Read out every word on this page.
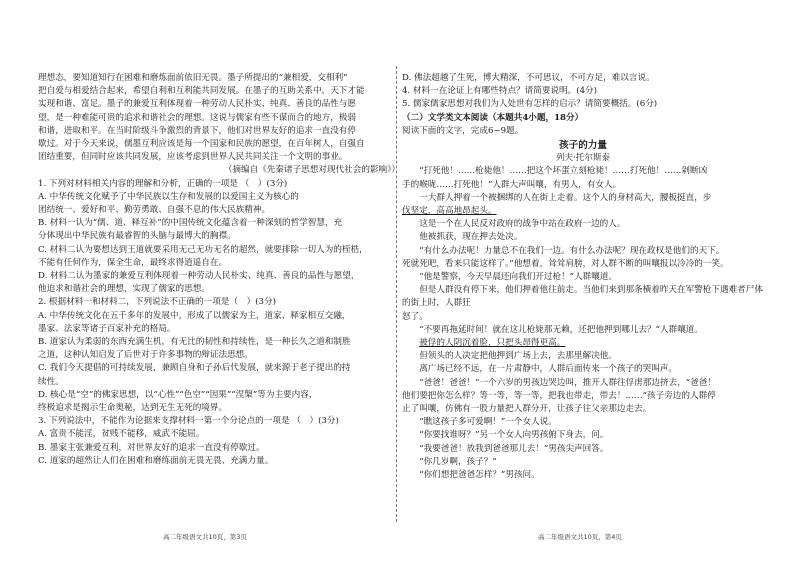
理想态，要知道知行在困难和磨炼面前依旧无畏。墨子所提出的“兼相爱，交相利”

把自爱与相爱结合起来，希望自利和互利能共同发展。在墨子的互助关系中，天下才能

实现和谐、富足。墨子的兼爱互利体现着一种劳动人民朴实、纯真、善良的品性与愿

望，是一种难能可贵的追求和谐社会的理想。这说与儒家有些不谋而合的地方，极弱

和谐，进取和平。在当时阶级斗争激烈的背景下，他们对世界友好的追求一直没有停

歇过。对于今天来说，儒墨互利应该是每一个国家和民族的愿望，在百年树人，自强自

团结重要，但同时应该共同发展，应该考虑到世界人民共同关注一个文明的事业。

（摘编自《先秦诸子思想对现代社会的影响》）

1. 下列对材料相关内容的理解和分析，正确的一项是 （　）(3分)

A. 中华传统文化赋予了中华民族以生存和发展的以爱国主义为核心的

团结统一、爱好和平、勤劳勇敢、自强不息的伟大民族精神。

B. 材料一认为“儒、道、释互补”的中国传统文化蕴含着一种深刻的哲学智慧，充

分体现出中华民族有最睿智的头脑与最博大的胸襟。

C. 材料二认为要想达到王道就要采用无己无功无名的超然，就要排除一切人为的桎梏，

不能有任何作为，保全生命，最终求得逍遥自在。

D. 材料二认为墨家的兼爱互利体现着一种劳动人民朴实、纯真、善良的品性与愿望，

他迫求和谐社会的理想，实现了儒家的思想。

2. 根据材料一和材料二，下列说法不正确的一项是（　）(3分)

A. 中华传统文化在五千多年的发展中，形成了以儒家为主，道家、释家相互交融，

墨家、法家等诸子百家补充的格局。

B. 道家认为柔弱的东西充满生机，有无比的韧性和持续性，是一种长久之道和制胜

之道，这种认知启发了后世对于许多事物的辩证法思想。

C. 我们今天提倡的可持续发展，兼顾自身和子孙后代发展，就来源于老子提出的持

续性。

D. 核心是“空”的佛家思想，以“心性”“色空”“因果”“涅槃”等为主要内容，

终极追求是揭示生命奥秘，达到无生无死的境界。

3. 下列说法中，不能作为论据来支撑材料一第一个分论点的一项是 （　）(3分)

A. 富贵不能淫，贫贱不能移，威武不能屈。

B. 墨家主张兼爱互利，对世界友好的追求一直没有停歇过。

C. 道家的超然让人们在困难和磨练面前无畏无畏、充满力量。

D. 佛法超越了生死，博大精深，不可思议，不可方足，难以言说。

4. 材料一在论证上有哪些特点？请简要说明。(4分)

5. 儒家儒家思想对我们为人处世有怎样的启示？请简要概括。(6分)

（二）文学类文本阅读（本题共4小题，18分）

阅读下面的文字，完成6~9题。

孩子的力量

列夫·托尔斯泰

“打死他！……枪毙他！……把这个坏蛋立刻枪毙！……打死他！……剁断凶

手的喉咙……打死他！”人群大声叫嚷，有男人，有女人。

一大群人押着一个被捆绑的人在街上走着。这个人的身材高大，腰板挺直，步

伐坚定，高高地昂起头。

这是一个在人民反对政府的战争中站在政府一边的人。

他被抓获，现在押去处决。

“有什么办法呢！力量总不在我们一边。有什么办法呢？现在政权是他们的天下。

死就死吧，看来只能这样了。”他想着，耸耸肩膀，对人群不断的叫嚷报以冷冷的一笑。

“他是警察，今天早晨还向我们开过枪！”人群嚷道。

但是人群没有停下来，他们押着他往前走。当他们来到那条横着昨天在军警枪下遇难者尸体的街上时，人群狂

怒了。

“不要再拖延时间！就在这儿枪毙那无赖，还把他押到哪儿去？”人群嚷道。

被俘的人阴沉着脸，只把头昂得更高。

但领头的人决定把他押到广场上去，去那里解决他。

离广场已经不远，在一片肃静中，人群后面传来一个孩子的哭叫声。

“爸爸！爸爸！”一个六岁的男孩边哭边叫，推开人群往俘虏那边挤去，“爸爸！

他们要把你怎么样？等一等，等一等，把我也带走，带去！……”孩子旁边的人群停

止了叫嚷，仿佛有一股力量把人群分开，让孩子往父亲那边走去。

“瞧这孩子多可爱啊！”一个女人说。

“你要找谁呀？”另一个女人向男孩俯下身去，问。

“我要爸爸！放我到爸爸那儿去！”男孩尖声回答。

“你几岁啊，孩子？”

“你们想把爸爸怎样？”男孩问。

高二年级语文共10页，第3页	高二年级语文共10页，第4页
